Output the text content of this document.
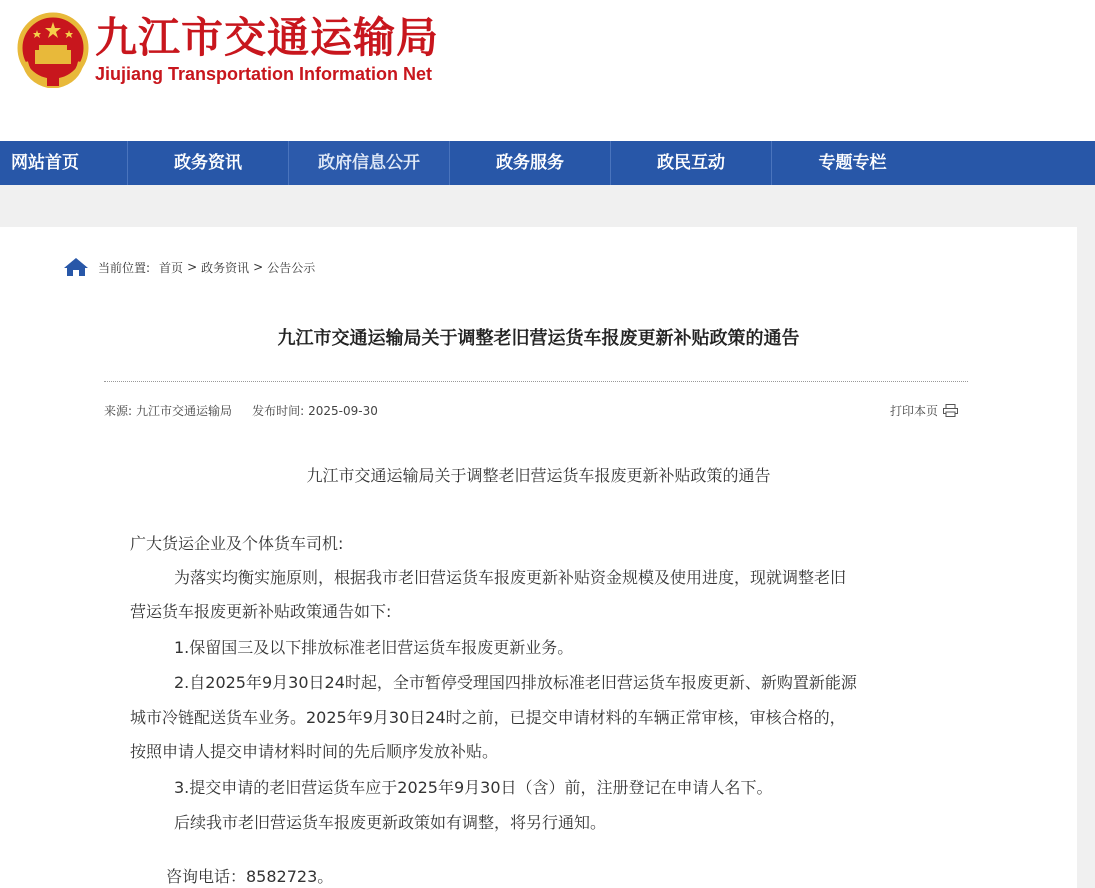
九江市交通运输局
Jiujiang Transportation Information Net
网站首页	政务资讯	政府信息公开	政务服务	政民互动	专题专栏
当前位置: 首页 > 政务资讯 > 公告公示
九江市交通运输局关于调整老旧营运货车报废更新补贴政策的通告
来源: 九江市交通运输局 发布时间: 2025-09-30	打印本页
九江市交通运输局关于调整老旧营运货车报废更新补贴政策的通告
广大货运企业及个体货车司机:
为落实均衡实施原则，根据我市老旧营运货车报废更新补贴资金规模及使用进度，现就调整老旧
营运货车报废更新补贴政策通告如下:
1.保留国三及以下排放标准老旧营运货车报废更新业务。
2.自2025年9月30日24时起，全市暂停受理国四排放标准老旧营运货车报废更新、新购置新能源
城市冷链配送货车业务。2025年9月30日24时之前，已提交申请材料的车辆正常审核，审核合格的，
按照申请人提交申请材料时间的先后顺序发放补贴。
3.提交申请的老旧营运货车应于2025年9月30日（含）前，注册登记在申请人名下。
后续我市老旧营运货车报废更新政策如有调整，将另行通知。
咨询电话：8582723。
